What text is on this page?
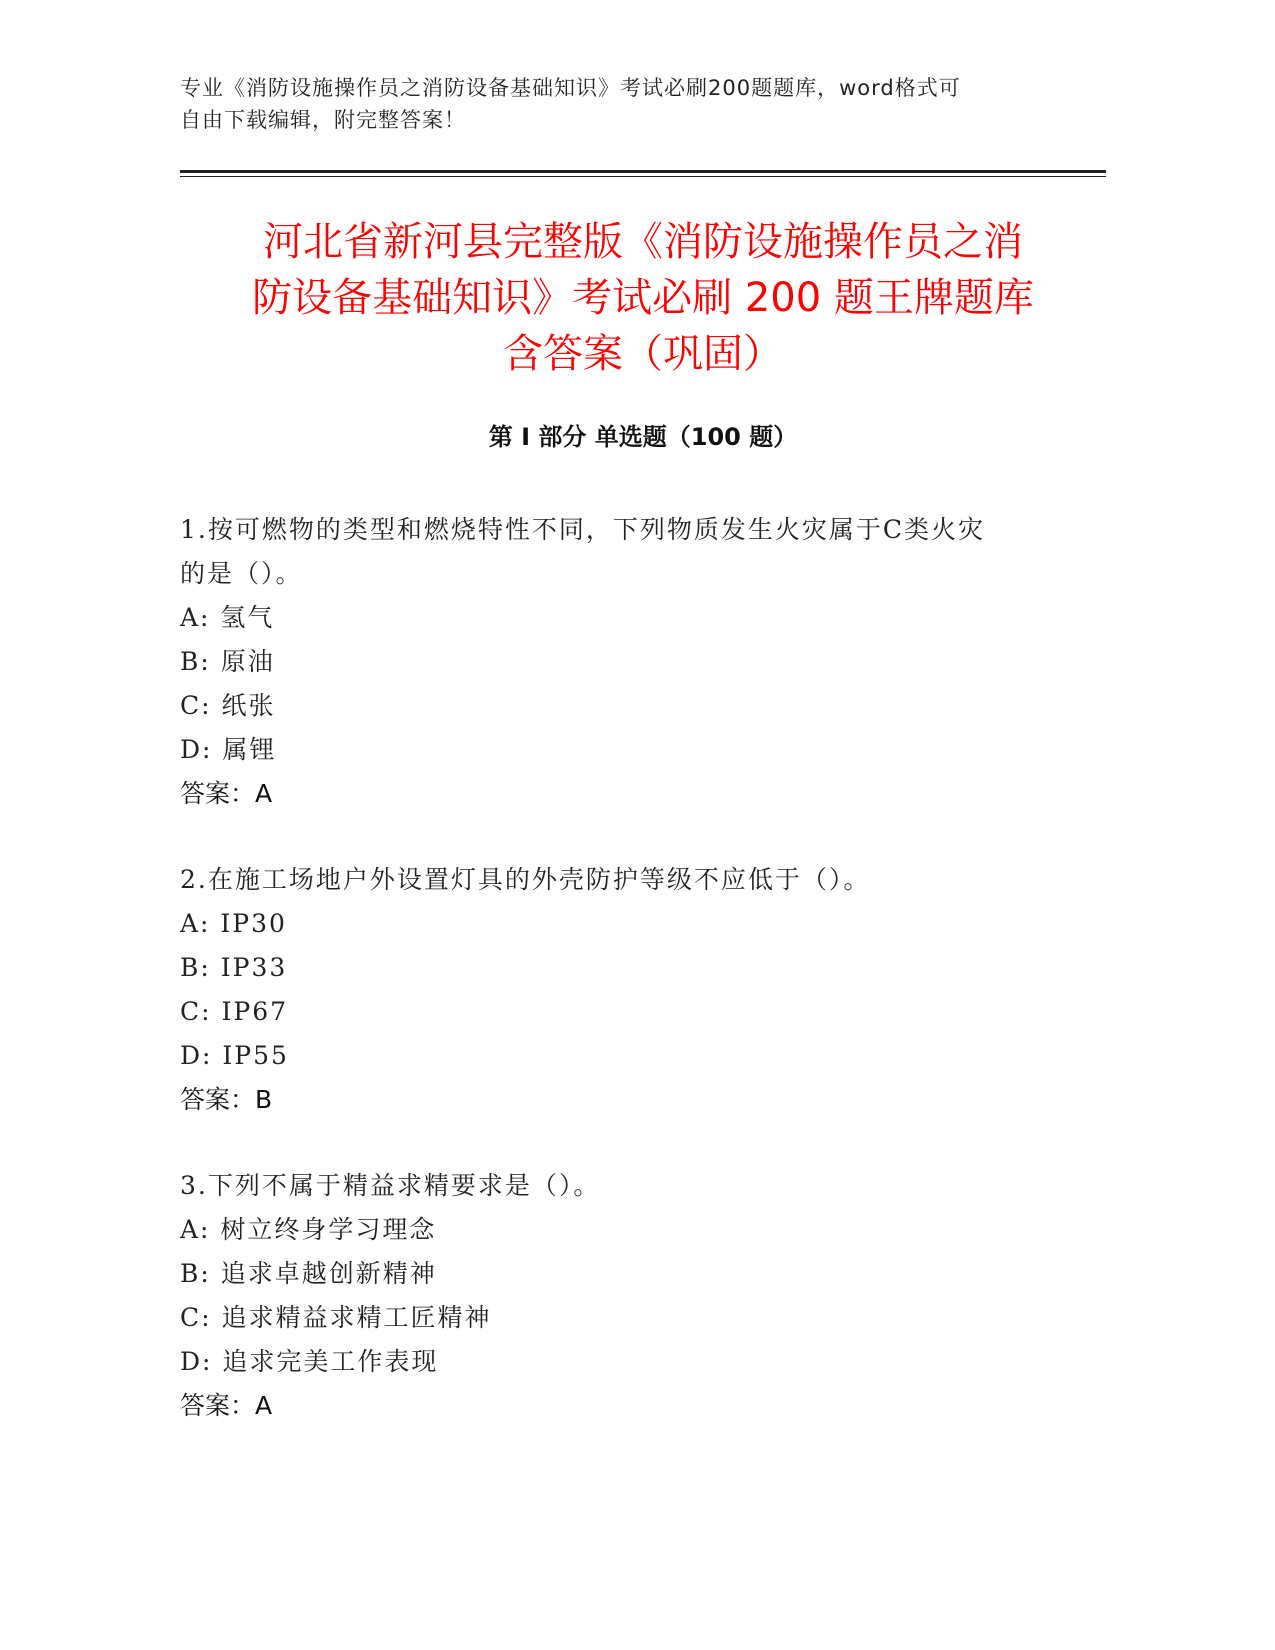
专业《消防设施操作员之消防设备基础知识》考试必刷200题题库，word格式可
自由下载编辑，附完整答案！
河北省新河县完整版《消防设施操作员之消
防设备基础知识》考试必刷 200 题王牌题库
含答案（巩固）
第 I 部分 单选题（100 题）

1.按可燃物的类型和燃烧特性不同，下列物质发生火灾属于C类火灾
的是（）。

A: 氢气

B: 原油

C: 纸张

D: 属锂

答案：A

2.在施工场地户外设置灯具的外壳防护等级不应低于（）。

A: IP30

B: IP33

C: IP67

D: IP55

答案：B

3.下列不属于精益求精要求是（）。

A: 树立终身学习理念

B: 追求卓越创新精神

C: 追求精益求精工匠精神

D: 追求完美工作表现

答案：A
